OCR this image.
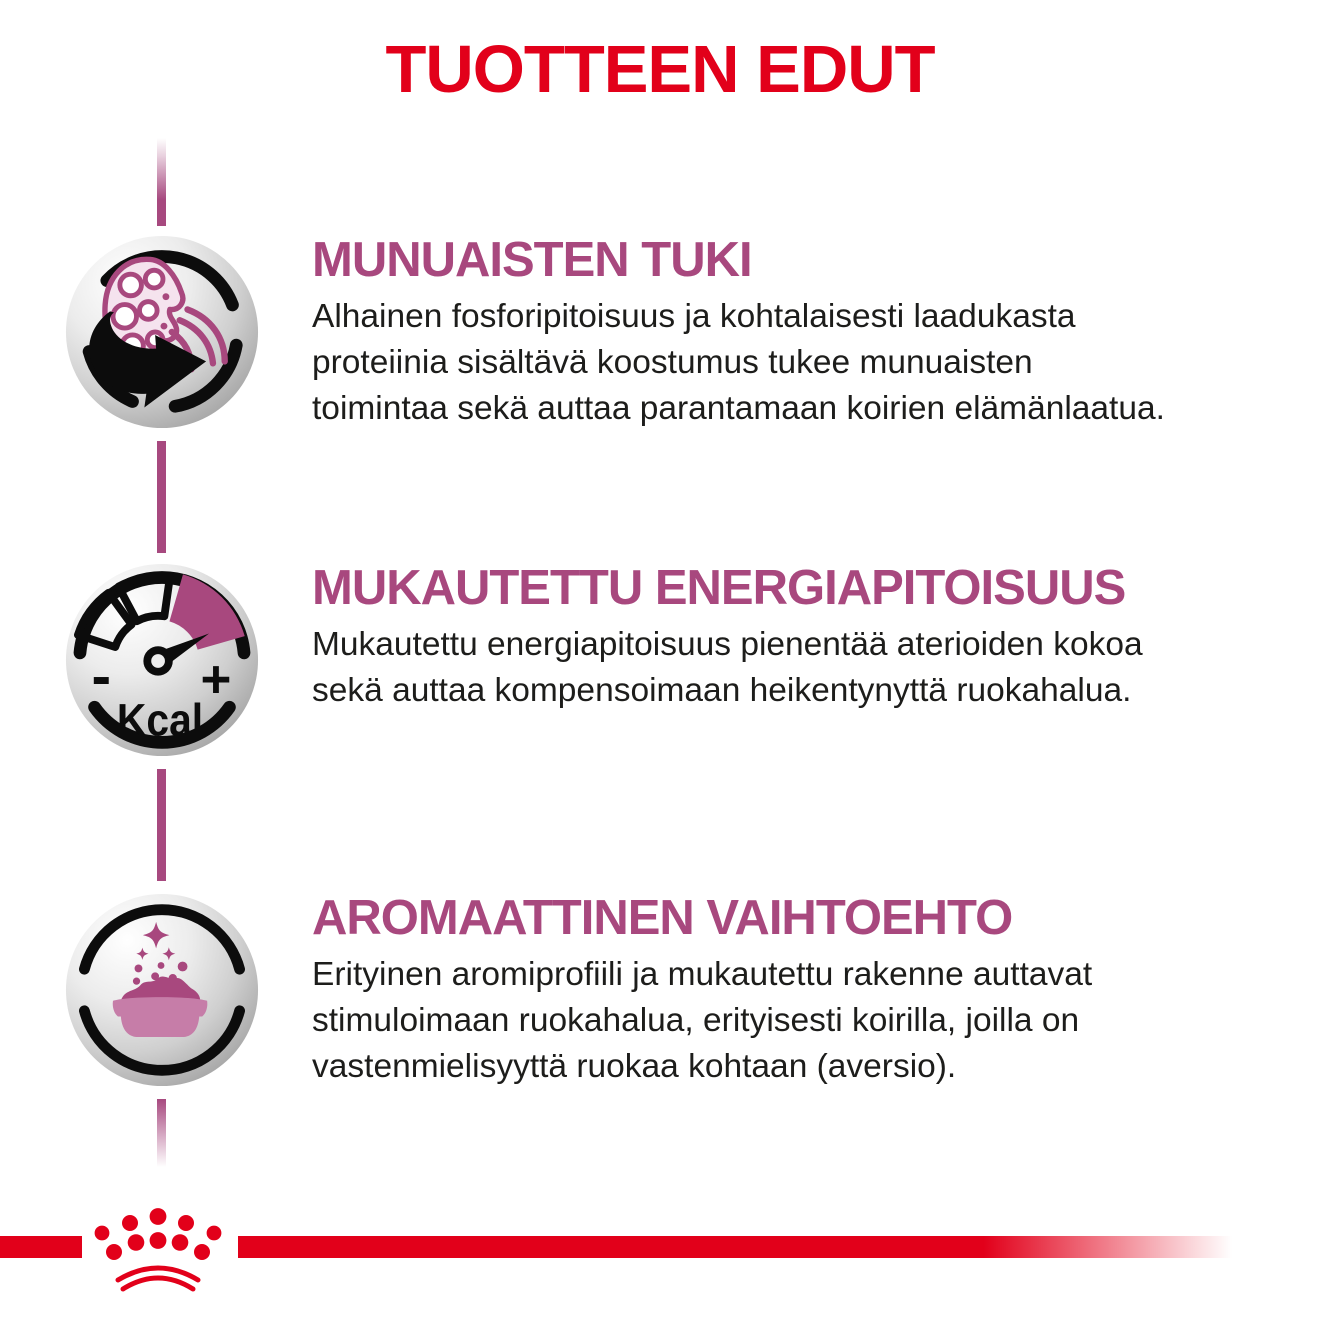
TUOTTEEN EDUT
- +
Kcal
MUNUAISTEN TUKI
Alhainen fosforipitoisuus ja kohtalaisesti laadukasta
proteiinia sisältävä koostumus tukee munuaisten
toimintaa sekä auttaa parantamaan koirien elämänlaatua.
MUKAUTETTU ENERGIAPITOISUUS
Mukautettu energiapitoisuus pienentää aterioiden kokoa
sekä auttaa kompensoimaan heikentynyttä ruokahalua.
AROMAATTINEN VAIHTOEHTO
Erityinen aromiprofiili ja mukautettu rakenne auttavat
stimuloimaan ruokahalua, erityisesti koirilla, joilla on
vastenmielisyyttä ruokaa kohtaan (aversio).
